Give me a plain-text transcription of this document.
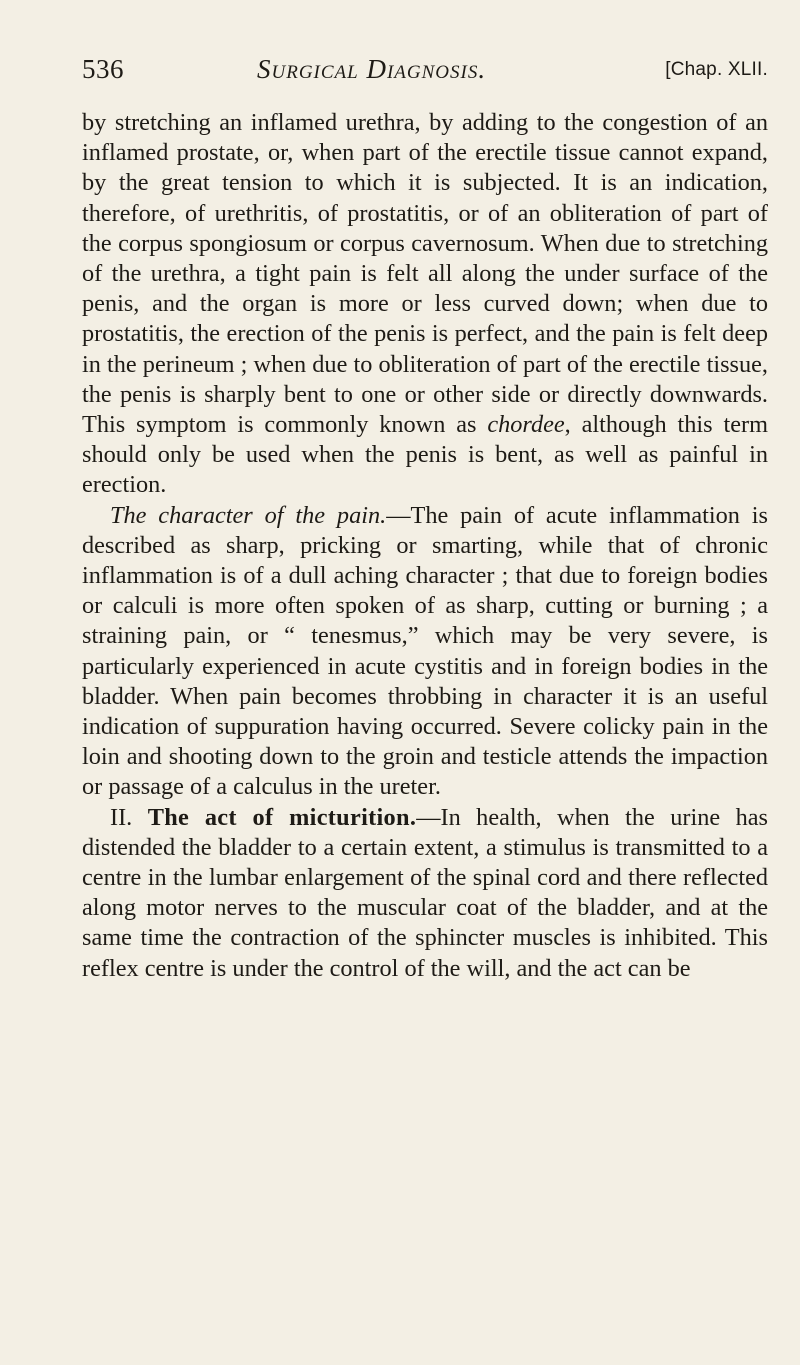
536	Surgical Diagnosis.	[Chap. XLII.

by stretching an inflamed urethra, by adding to the congestion of an inflamed prostate, or, when part of the erectile tissue cannot expand, by the great tension to which it is subjected. It is an indication, therefore, of urethritis, of prostatitis, or of an obliteration of part of the corpus spongiosum or corpus cavernosum. When due to stretching of the urethra, a tight pain is felt all along the under surface of the penis, and the organ is more or less curved down; when due to prostatitis, the erection of the penis is perfect, and the pain is felt deep in the perineum ; when due to obliteration of part of the erectile tissue, the penis is sharply bent to one or other side or directly downwards. This symptom is commonly known as chordee, although this term should only be used when the penis is bent, as well as painful in erection.

The character of the pain.—The pain of acute inflammation is described as sharp, pricking or smarting, while that of chronic inflammation is of a dull aching character ; that due to foreign bodies or calculi is more often spoken of as sharp, cutting or burning ; a straining pain, or “ tenesmus,” which may be very severe, is particularly experienced in acute cystitis and in foreign bodies in the bladder. When pain becomes throbbing in character it is an useful indication of suppuration having occurred. Severe colicky pain in the loin and shooting down to the groin and testicle attends the impaction or passage of a calculus in the ureter.

II. The act of micturition.—In health, when the urine has distended the bladder to a certain extent, a stimulus is transmitted to a centre in the lumbar enlargement of the spinal cord and there reflected along motor nerves to the muscular coat of the bladder, and at the same time the contraction of the sphincter muscles is inhibited. This reflex centre is under the control of the will, and the act can be
